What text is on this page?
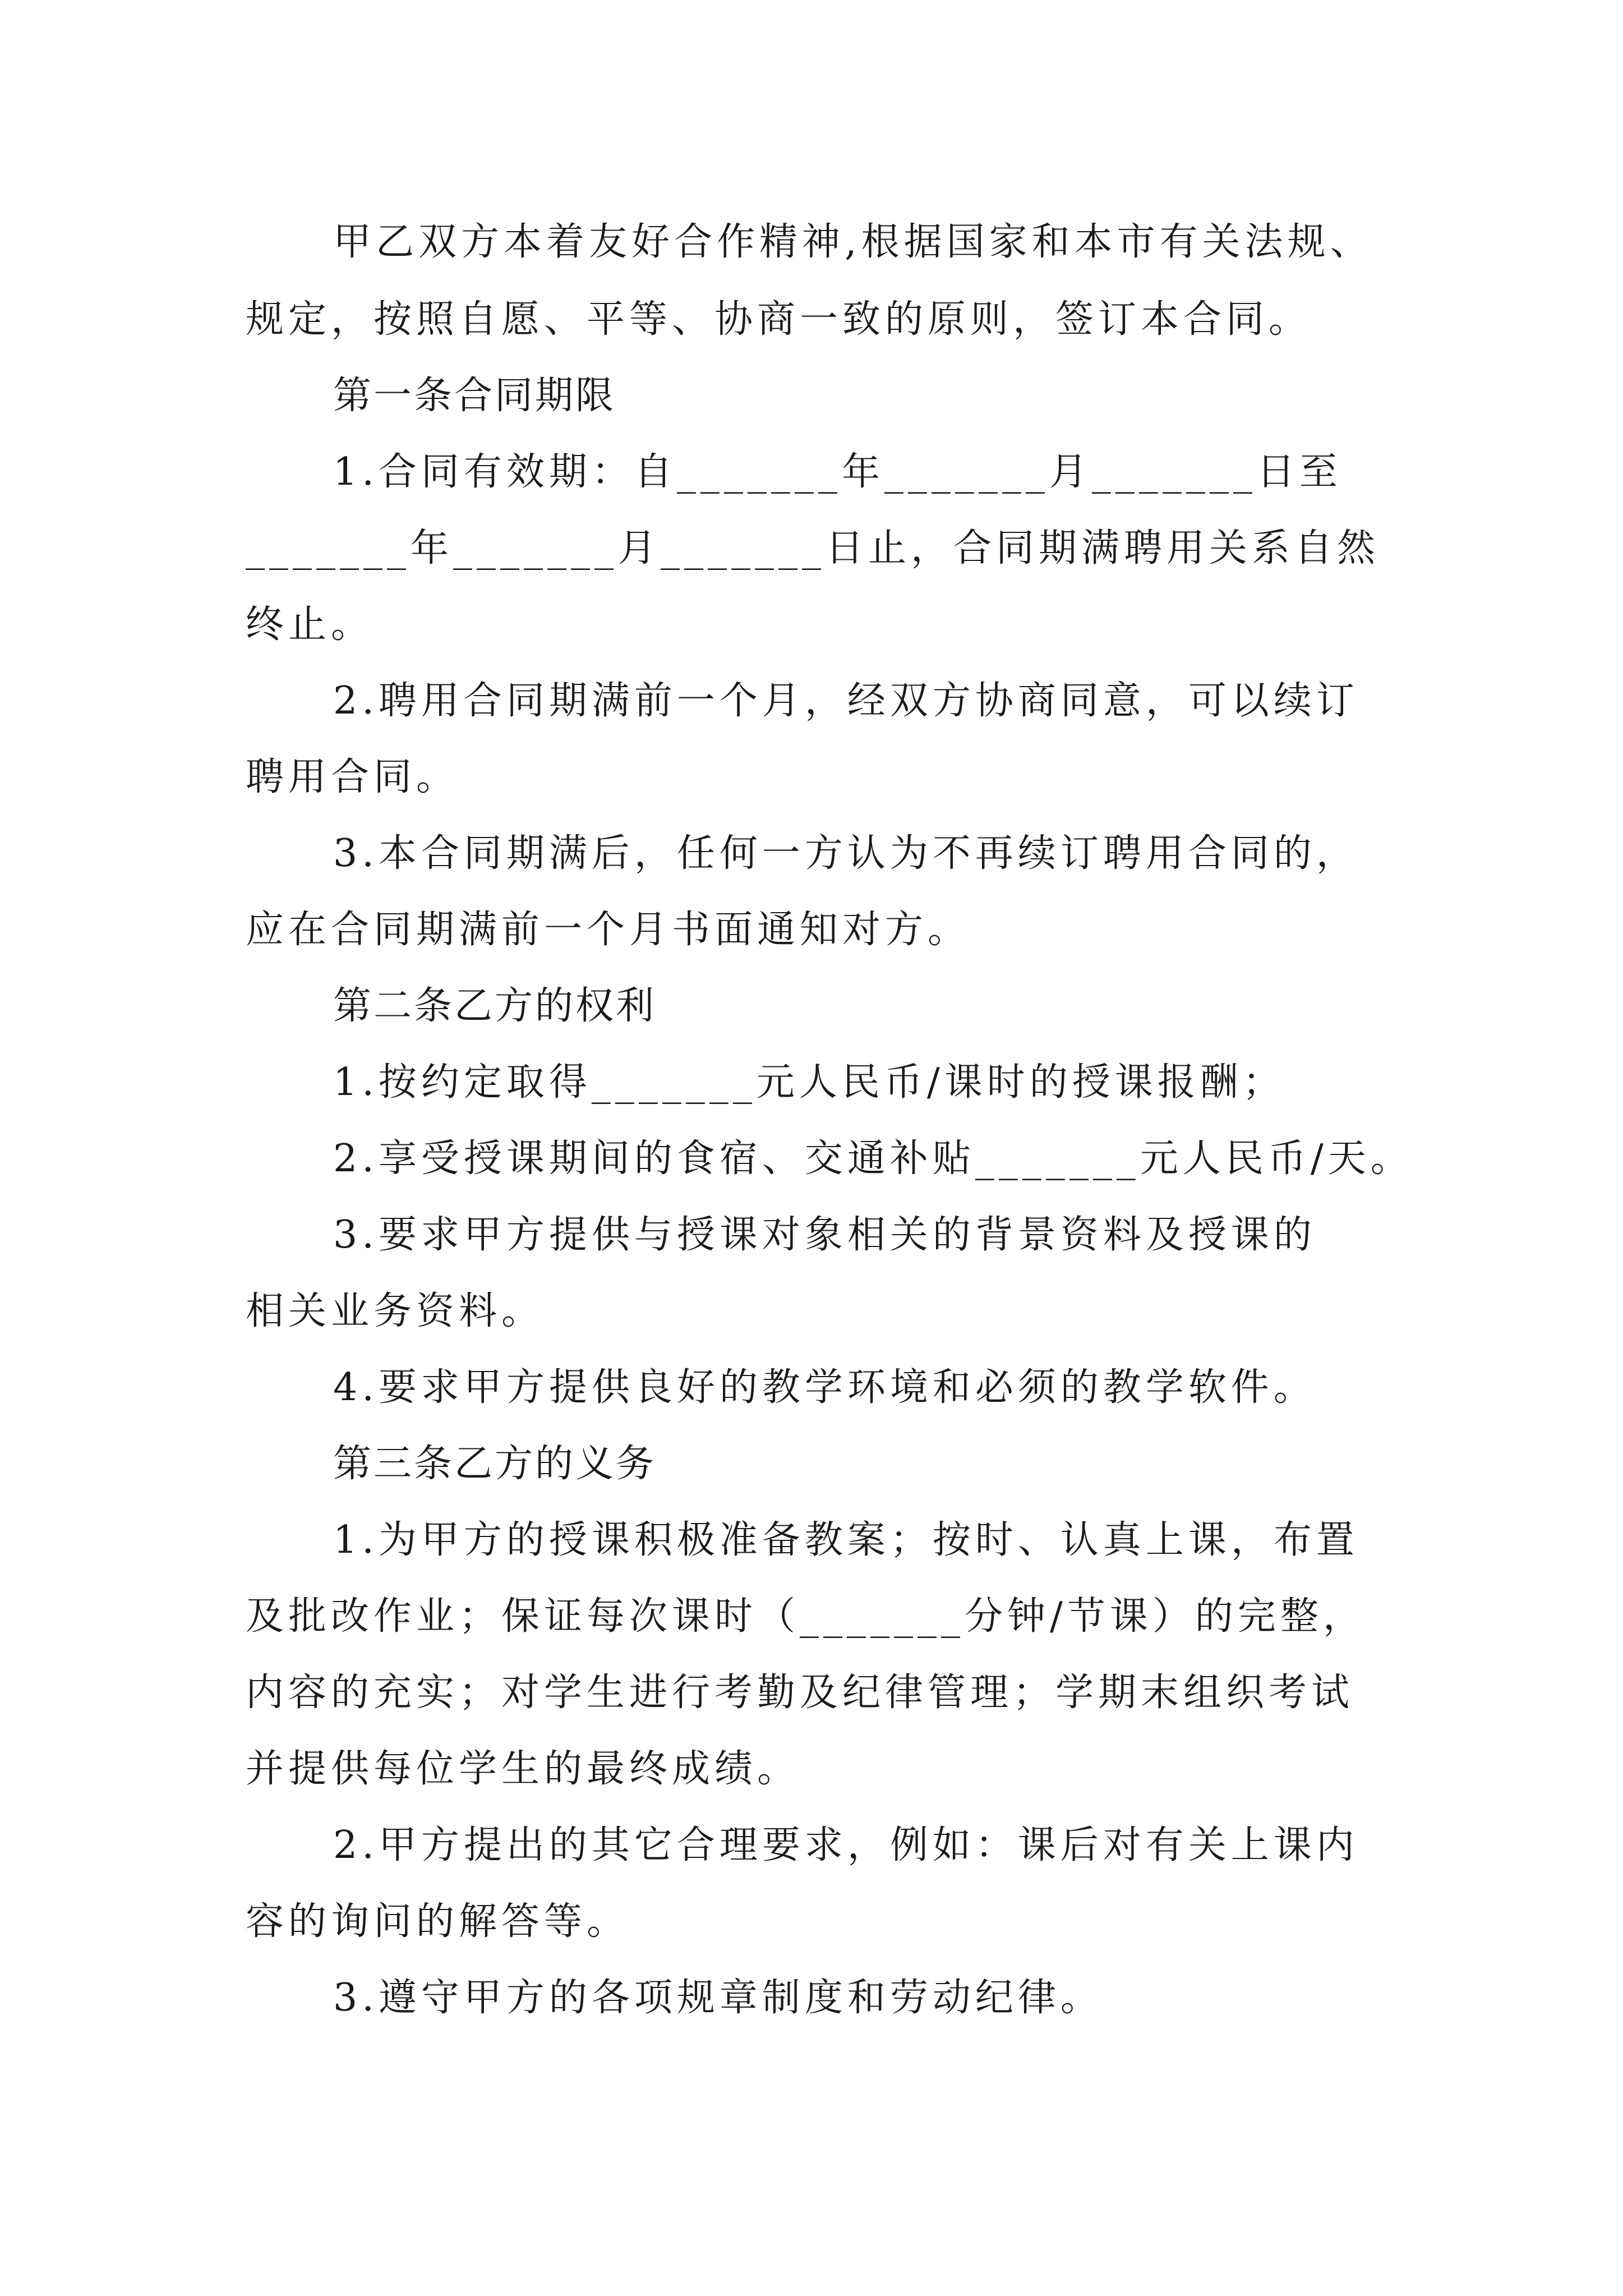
甲乙双方本着友好合作精神,根据国家和本市有关法规、

规定，按照自愿、平等、协商一致的原则，签订本合同。

第一条合同期限

1.合同有效期：自_______年_______月_______日至

_______年_______月_______日止，合同期满聘用关系自然

终止。

2.聘用合同期满前一个月，经双方协商同意，可以续订

聘用合同。

3.本合同期满后，任何一方认为不再续订聘用合同的，

应在合同期满前一个月书面通知对方。

第二条乙方的权利

1.按约定取得_______元人民币/课时的授课报酬；

2.享受授课期间的食宿、交通补贴_______元人民币/天。

3.要求甲方提供与授课对象相关的背景资料及授课的

相关业务资料。

4.要求甲方提供良好的教学环境和必须的教学软件。

第三条乙方的义务

1.为甲方的授课积极准备教案；按时、认真上课，布置

及批改作业；保证每次课时（_______分钟/节课）的完整，

内容的充实；对学生进行考勤及纪律管理；学期末组织考试

并提供每位学生的最终成绩。

2.甲方提出的其它合理要求，例如：课后对有关上课内

容的询问的解答等。

3.遵守甲方的各项规章制度和劳动纪律。
